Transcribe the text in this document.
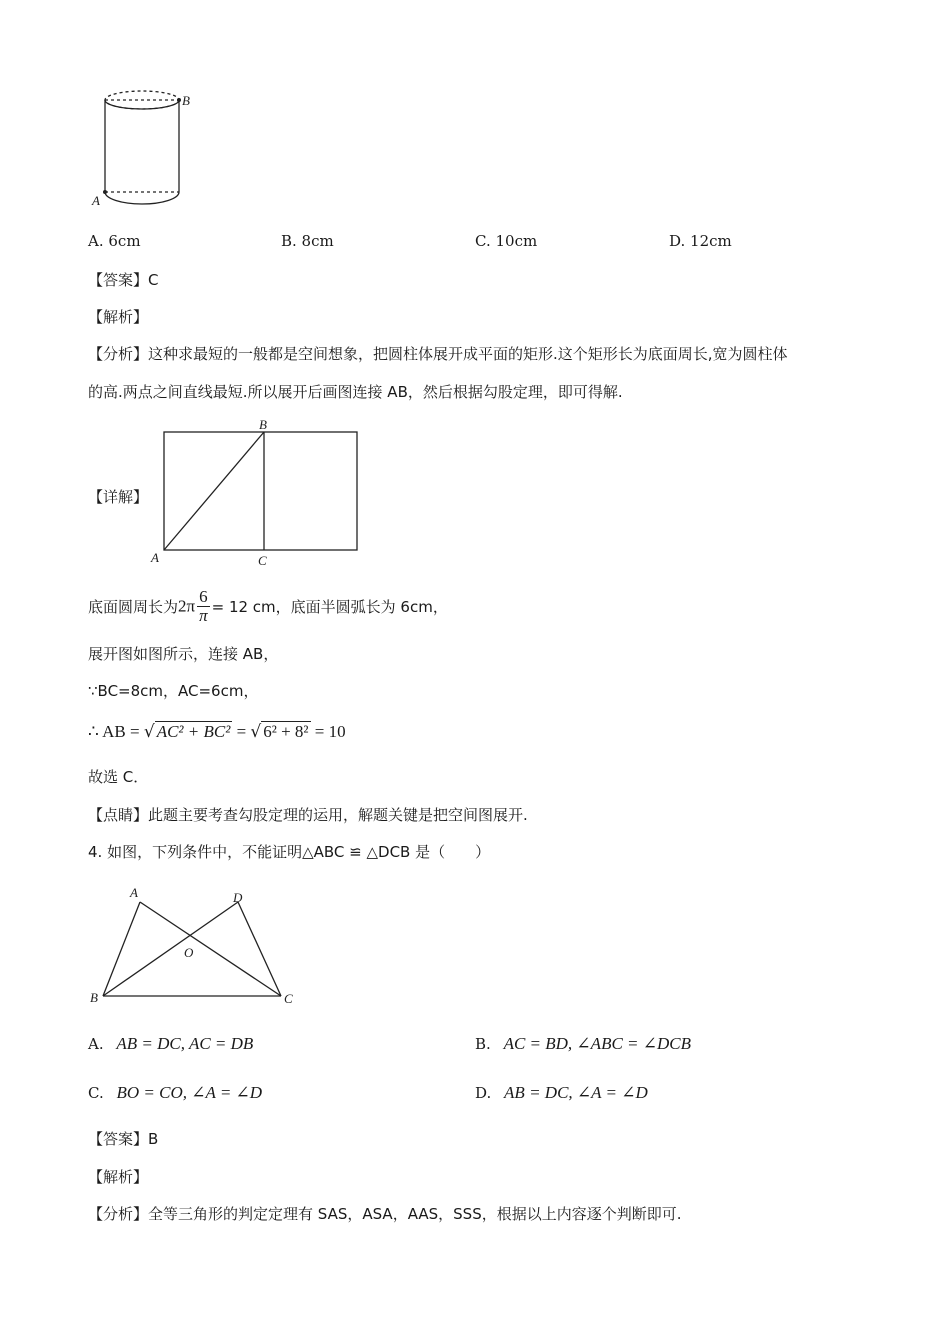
A
B
A. 6cm	B. 8cm	C. 10cm	D. 12cm
【答案】C
【解析】
【分析】这种求最短的一般都是空间想象，把圆柱体展开成平面的矩形.这个矩形长为底面周长,宽为圆柱体
的高.两点之间直线最短.所以展开后画图连接 AB，然后根据勾股定理，即可得解.
【详解】
A
B
C
底面圆周长为$2\pi \frac{6}{\pi} = 12$ cm，底面半圆弧长为 6cm，
展开图如图所示，连接 AB，
∵BC=8cm，AC=6cm，
∴ AB = √ AC² + BC² = √ 6² + 8² = 10
故选 C．
【点睛】此题主要考查勾股定理的运用，解题关键是把空间图展开.
4. 如图，下列条件中，不能证明△ABC ≌ △DCB 是（　　）
A	D
O
B	C
A. AB = DC, AC = DB	B. AC = BD, ∠ABC = ∠DCB
C. BO = CO, ∠A = ∠D	D. AB = DC, ∠A = ∠D
【答案】B
【解析】
【分析】全等三角形的判定定理有 SAS，ASA，AAS，SSS，根据以上内容逐个判断即可.
